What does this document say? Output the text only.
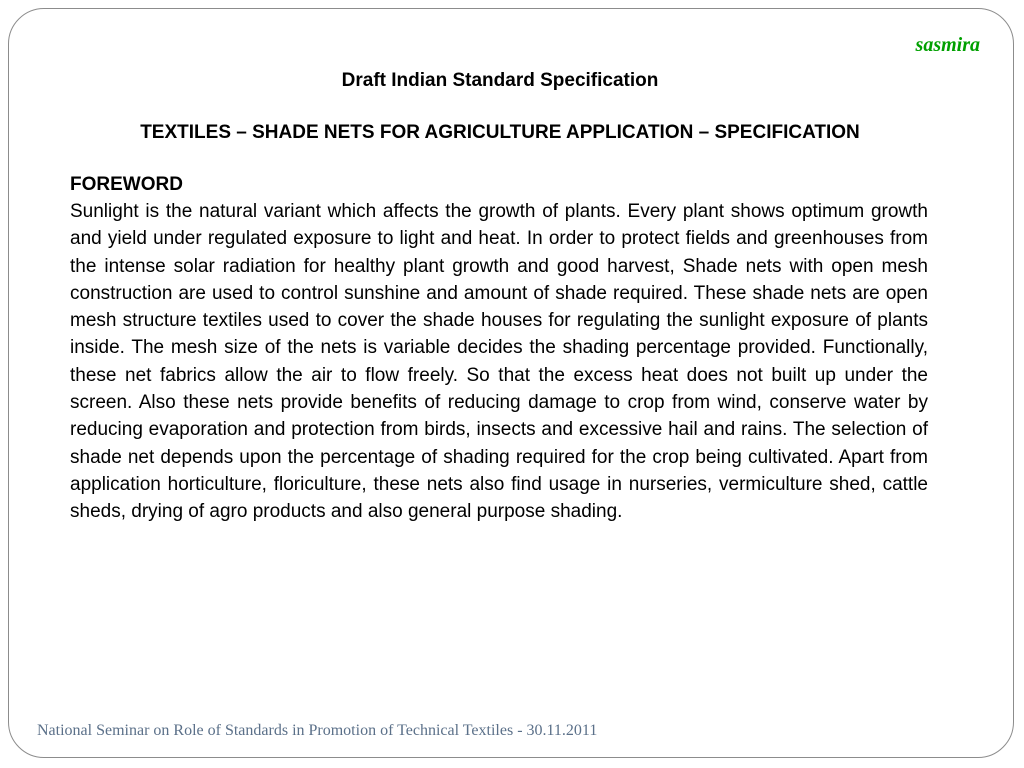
sasmira

Draft Indian Standard Specification
TEXTILES – SHADE NETS FOR AGRICULTURE APPLICATION – SPECIFICATION
FOREWORD

Sunlight is the natural variant which affects the growth of plants. Every plant shows optimum growth and yield under regulated exposure to light and heat. In order to protect fields and greenhouses from the intense solar radiation for healthy plant growth and good harvest, Shade nets with open mesh construction are used to control sunshine and amount of shade required. These shade nets are open mesh structure textiles used to cover the shade houses for regulating the sunlight exposure of plants inside. The mesh size of the nets is variable decides the shading percentage provided. Functionally, these net fabrics allow the air to flow freely. So that the excess heat does not built up under the screen. Also these nets provide benefits of reducing damage to crop from wind, conserve water by reducing evaporation and protection from birds, insects and excessive hail and rains. The selection of shade net depends upon the percentage of shading required for the crop being cultivated. Apart from application horticulture, floriculture, these nets also find usage in nurseries, vermiculture shed, cattle sheds, drying of agro products and also general purpose shading.

National Seminar on Role of Standards in Promotion of Technical Textiles - 30.11.2011
